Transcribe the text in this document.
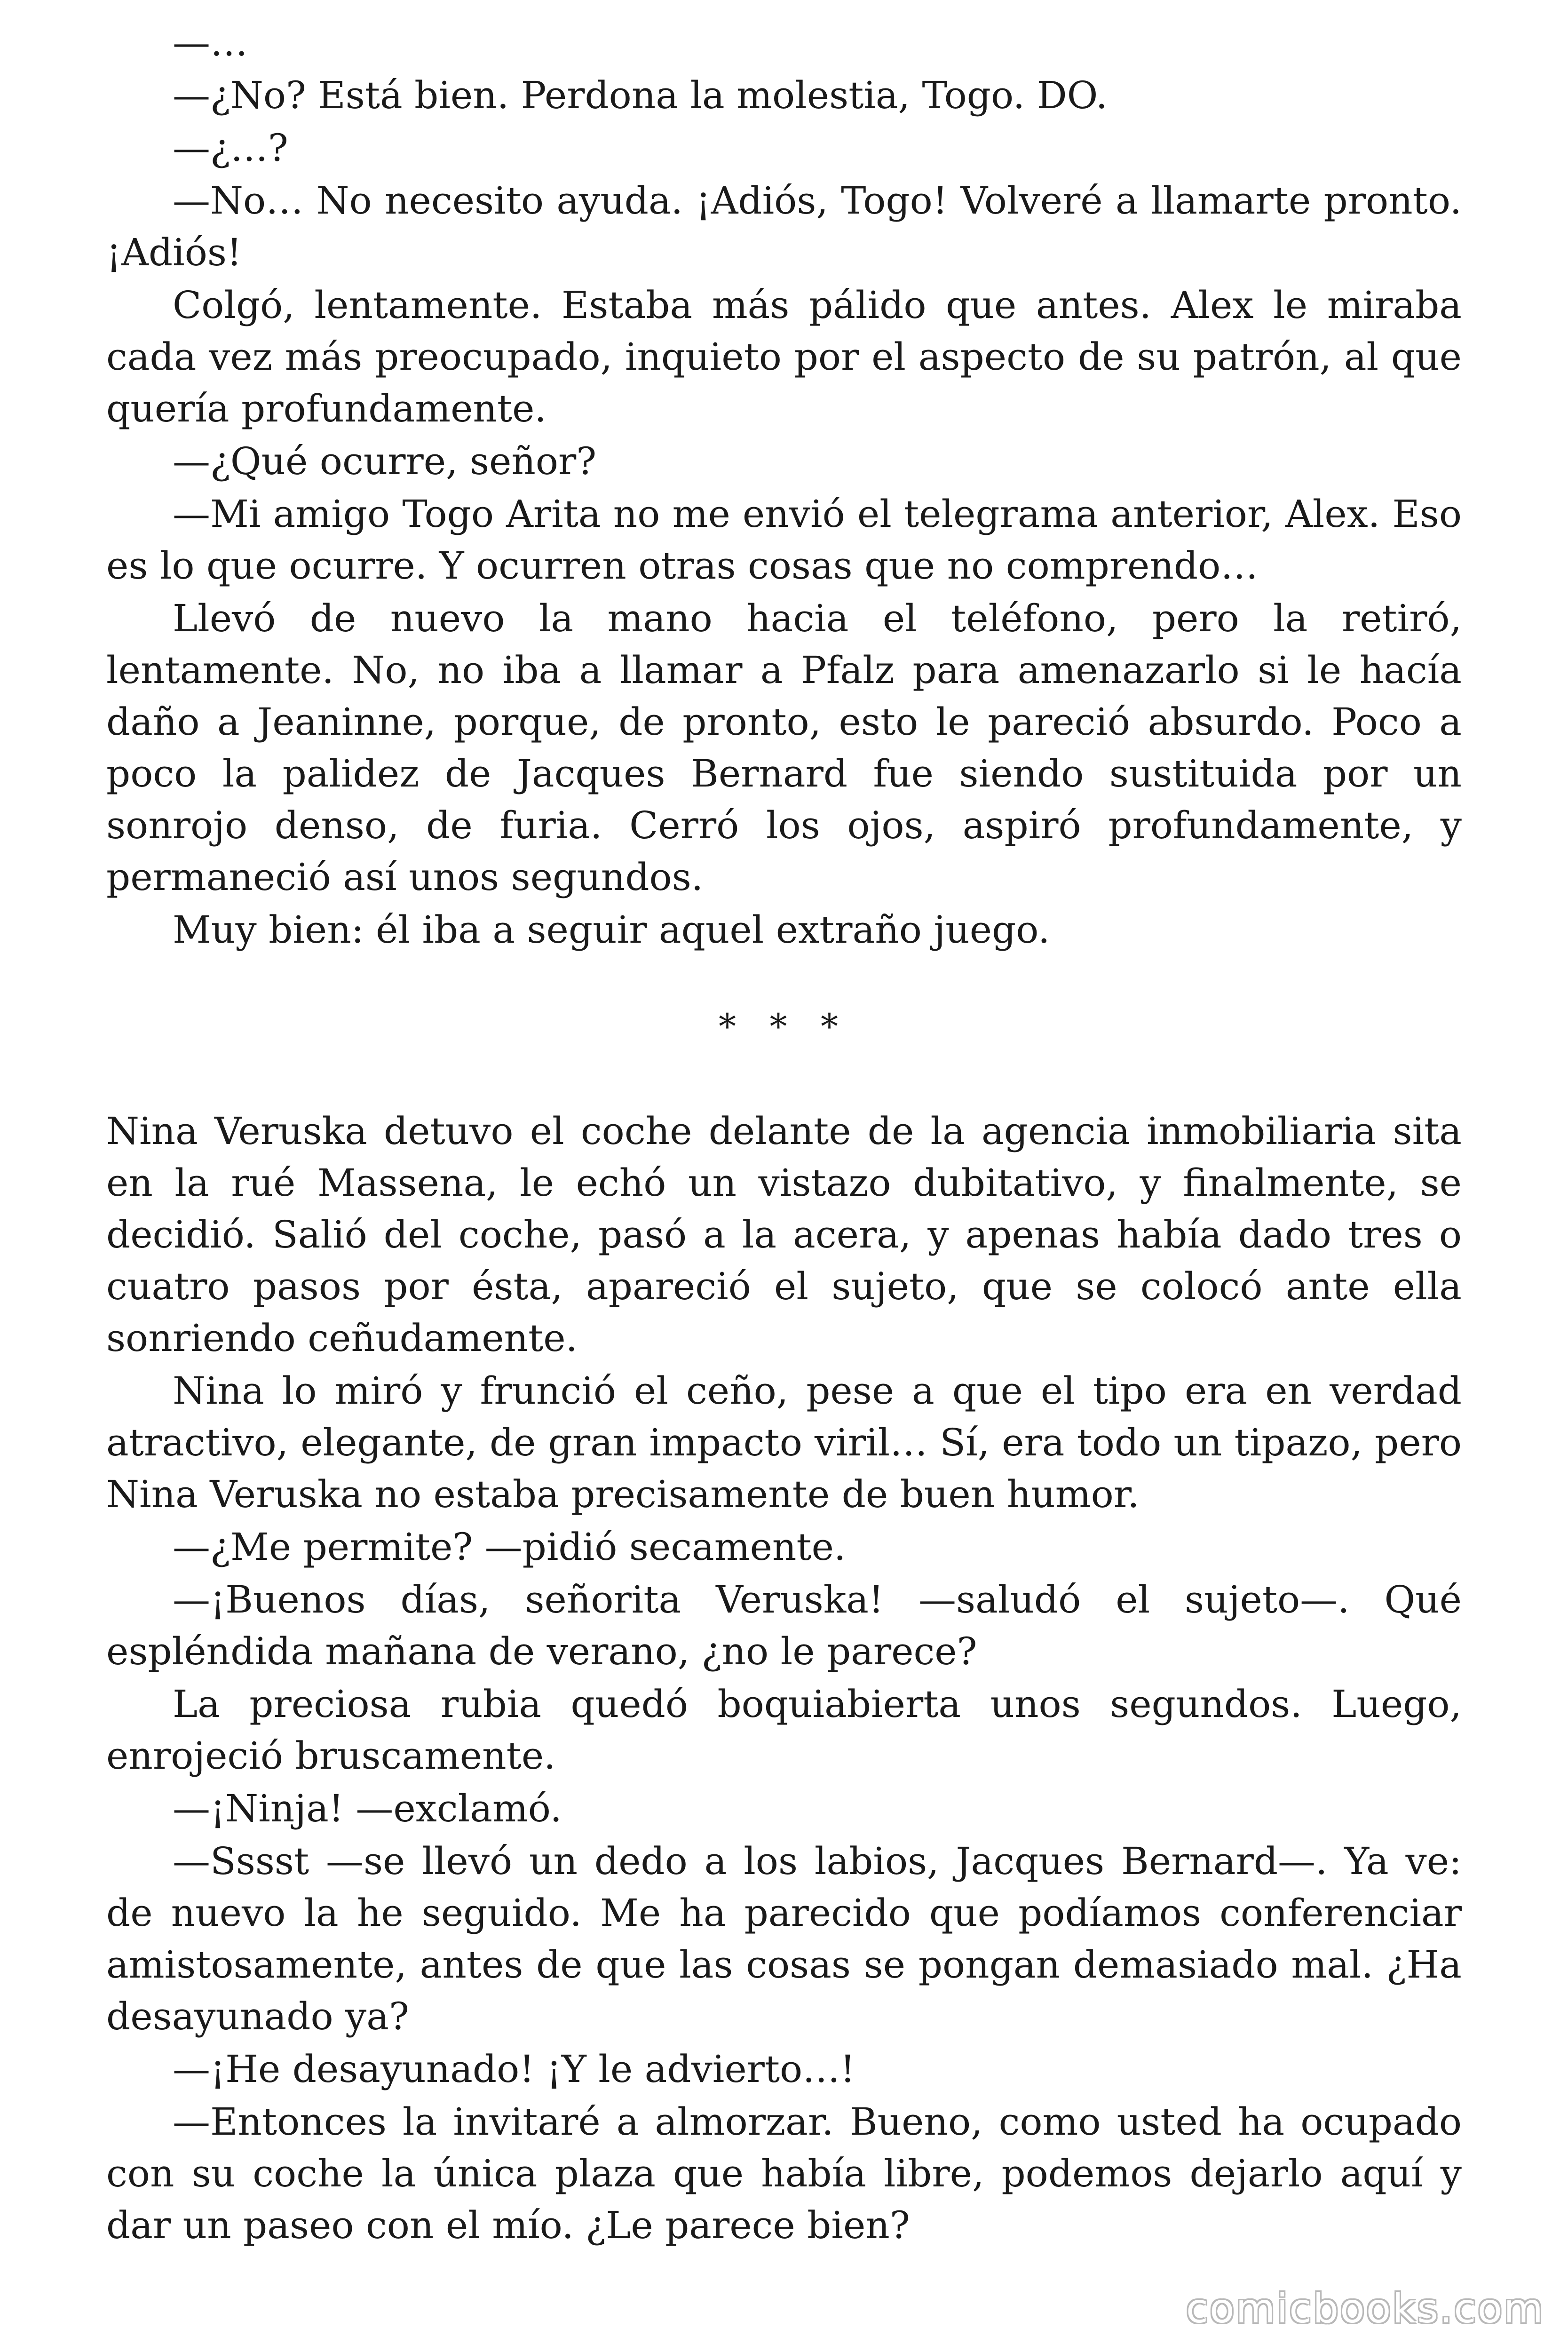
—…

—¿No? Está bien. Perdona la molestia, Togo. DO.

—¿…?

—No… No necesito ayuda. ¡Adiós, Togo! Volveré a llamarte pronto. ¡Adiós!

Colgó, lentamente. Estaba más pálido que antes. Alex le miraba cada vez más preocupado, inquieto por el aspecto de su patrón, al que quería profundamente.

—¿Qué ocurre, señor?

—Mi amigo Togo Arita no me envió el telegrama anterior, Alex. Eso es lo que ocurre. Y ocurren otras cosas que no comprendo…

Llevó de nuevo la mano hacia el teléfono, pero la retiró, lentamente. No, no iba a llamar a Pfalz para amenazarlo si le hacía daño a Jeaninne, porque, de pronto, esto le pareció absurdo. Poco a poco la palidez de Jacques Bernard fue siendo sustituida por un sonrojo denso, de furia. Cerró los ojos, aspiró profundamente, y permaneció así unos segundos.

Muy bien: él iba a seguir aquel extraño juego.

* * *

Nina Veruska detuvo el coche delante de la agencia inmobiliaria sita en la rué Massena, le echó un vistazo dubitativo, y finalmente, se decidió. Salió del coche, pasó a la acera, y apenas había dado tres o cuatro pasos por ésta, apareció el sujeto, que se colocó ante ella sonriendo ceñudamente.

Nina lo miró y frunció el ceño, pese a que el tipo era en verdad atractivo, elegante, de gran impacto viril… Sí, era todo un tipazo, pero Nina Veruska no estaba precisamente de buen humor.

—¿Me permite? —pidió secamente.

—¡Buenos días, señorita Veruska! —saludó el sujeto—. Qué espléndida mañana de verano, ¿no le parece?

La preciosa rubia quedó boquiabierta unos segundos. Luego, enrojeció bruscamente.

—¡Ninja! —exclamó.

—Sssst —se llevó un dedo a los labios, Jacques Bernard—. Ya ve: de nuevo la he seguido. Me ha parecido que podíamos conferenciar amistosamente, antes de que las cosas se pongan demasiado mal. ¿Ha desayunado ya?

—¡He desayunado! ¡Y le advierto…!

—Entonces la invitaré a almorzar. Bueno, como usted ha ocupado con su coche la única plaza que había libre, podemos dejarlo aquí y dar un paseo con el mío. ¿Le parece bien?

comicbooks.com
